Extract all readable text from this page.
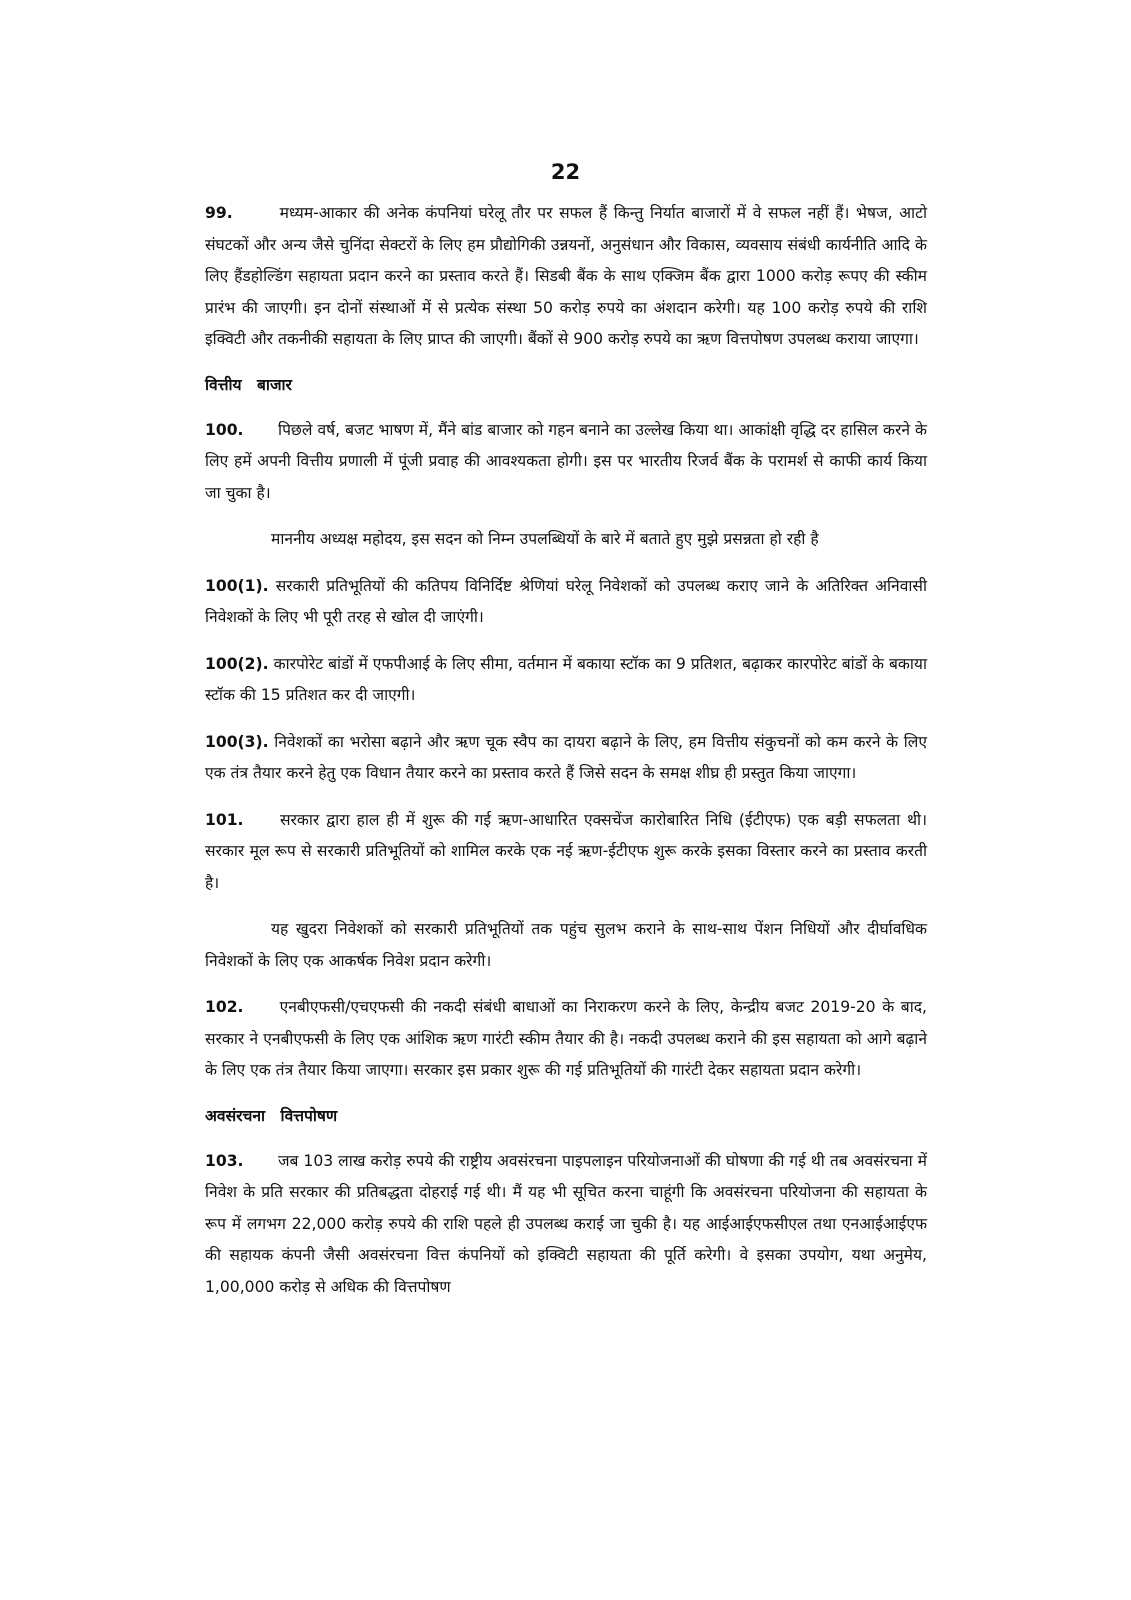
22

99.	मध्यम-आकार की अनेक कंपनियां घरेलू तौर पर सफल हैं किन्तु निर्यात बाजारों में वे सफल नहीं हैं। भेषज, आटो संघटकों और अन्य जैसे चुनिंदा सेक्टरों के लिए हम प्रौद्योगिकी उन्नयनों, अनुसंधान और विकास, व्यवसाय संबंधी कार्यनीति आदि के लिए हैंडहोल्डिंग सहायता प्रदान करने का प्रस्ताव करते हैं। सिडबी बैंक के साथ एक्जिम बैंक द्वारा 1000 करोड़ रूपए की स्कीम प्रारंभ की जाएगी। इन दोनों संस्थाओं में से प्रत्येक संस्था 50 करोड़ रुपये का अंशदान करेगी। यह 100 करोड़ रुपये की राशि इक्विटी और तकनीकी सहायता के लिए प्राप्त की जाएगी। बैंकों से 900 करोड़ रुपये का ऋण वित्तपोषण उपलब्ध कराया जाएगा।

वित्तीय बाजार

100. पिछले वर्ष, बजट भाषण में, मैंने बांड बाजार को गहन बनाने का उल्लेख किया था। आकांक्षी वृद्धि दर हासिल करने के लिए हमें अपनी वित्तीय प्रणाली में पूंजी प्रवाह की आवश्यकता होगी। इस पर भारतीय रिजर्व बैंक के परामर्श से काफी कार्य किया जा चुका है।

माननीय अध्यक्ष महोदय, इस सदन को निम्न उपलब्धियों के बारे में बताते हुए मुझे प्रसन्नता हो रही है

100(1). सरकारी प्रतिभूतियों की कतिपय विनिर्दिष्ट श्रेणियां घरेलू निवेशकों को उपलब्ध कराए जाने के अतिरिक्त अनिवासी निवेशकों के लिए भी पूरी तरह से खोल दी जाएंगी।

100(2). कारपोरेट बांडों में एफपीआई के लिए सीमा, वर्तमान में बकाया स्टॉक का 9 प्रतिशत, बढ़ाकर कारपोरेट बांडों के बकाया स्टॉक की 15 प्रतिशत कर दी जाएगी।

100(3). निवेशकों का भरोसा बढ़ाने और ऋण चूक स्वैप का दायरा बढ़ाने के लिए, हम वित्तीय संकुचनों को कम करने के लिए एक तंत्र तैयार करने हेतु एक विधान तैयार करने का प्रस्ताव करते हैं जिसे सदन के समक्ष शीघ्र ही प्रस्तुत किया जाएगा।

101. सरकार द्वारा हाल ही में शुरू की गई ऋण-आधारित एक्सचेंज कारोबारित निधि (ईटीएफ) एक बड़ी सफलता थी। सरकार मूल रूप से सरकारी प्रतिभूतियों को शामिल करके एक नई ऋण-ईटीएफ शुरू करके इसका विस्तार करने का प्रस्ताव करती है।

यह खुदरा निवेशकों को सरकारी प्रतिभूतियों तक पहुंच सुलभ कराने के साथ-साथ पेंशन निधियों और दीर्घावधिक निवेशकों के लिए एक आकर्षक निवेश प्रदान करेगी।

102. एनबीएफसी/एचएफसी की नकदी संबंधी बाधाओं का निराकरण करने के लिए, केन्द्रीय बजट 2019-20 के बाद, सरकार ने एनबीएफसी के लिए एक आंशिक ऋण गारंटी स्कीम तैयार की है। नकदी उपलब्ध कराने की इस सहायता को आगे बढ़ाने के लिए एक तंत्र तैयार किया जाएगा। सरकार इस प्रकार शुरू की गई प्रतिभूतियों की गारंटी देकर सहायता प्रदान करेगी।

अवसंरचना वित्तपोषण

103. जब 103 लाख करोड़ रुपये की राष्ट्रीय अवसंरचना पाइपलाइन परियोजनाओं की घोषणा की गई थी तब अवसंरचना में निवेश के प्रति सरकार की प्रतिबद्धता दोहराई गई थी। मैं यह भी सूचित करना चाहूंगी कि अवसंरचना परियोजना की सहायता के रूप में लगभग 22,000 करोड़ रुपये की राशि पहले ही उपलब्ध कराई जा चुकी है। यह आईआईएफसीएल तथा एनआईआईएफ की सहायक कंपनी जैसी अवसंरचना वित्त कंपनियों को इक्विटी सहायता की पूर्ति करेगी। वे इसका उपयोग, यथा अनुमेय, 1,00,000 करोड़ से अधिक की वित्तपोषण
